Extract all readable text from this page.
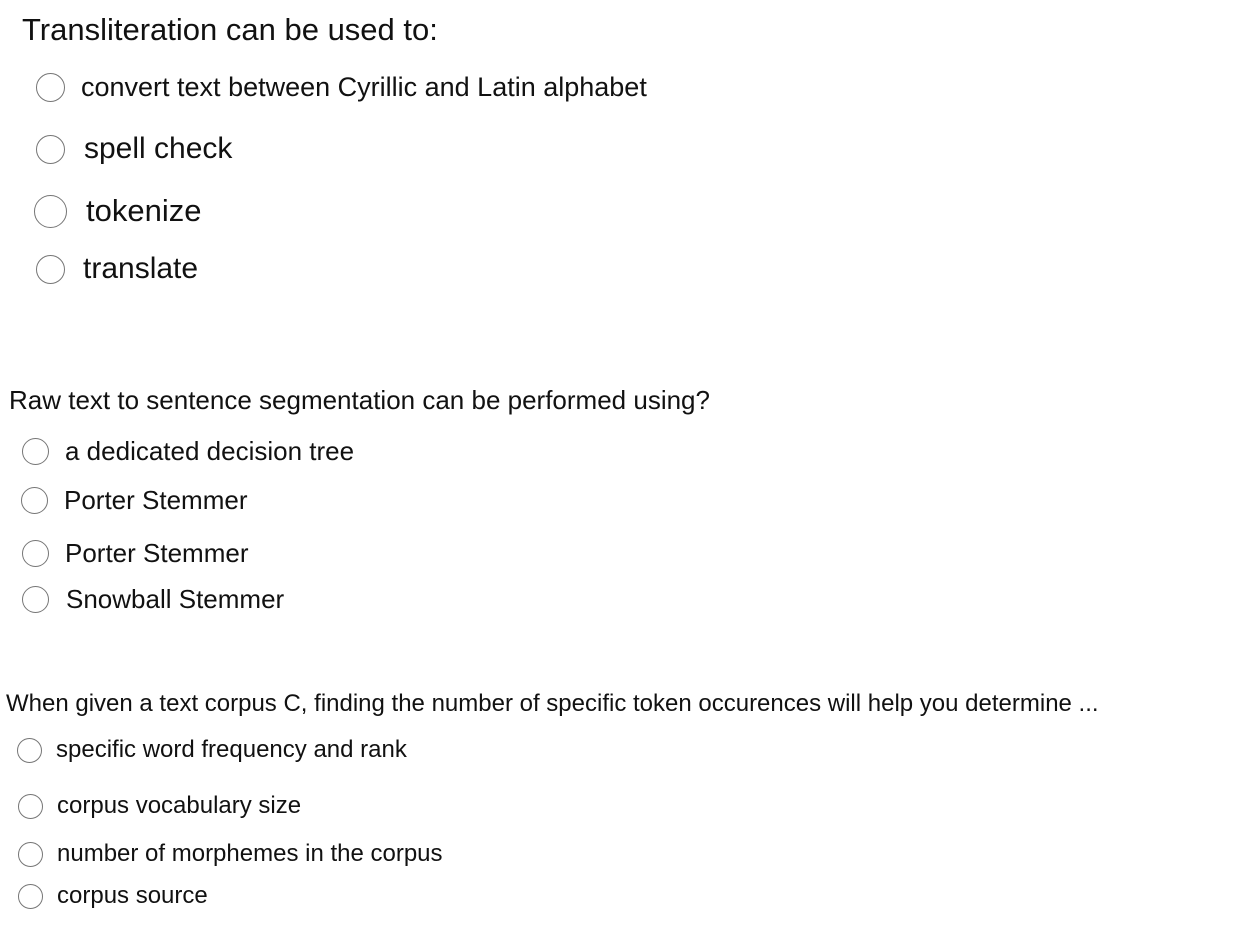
Transliteration can be used to:
convert text between Cyrillic and Latin alphabet
spell check
tokenize
translate
Raw text to sentence segmentation can be performed using?
a dedicated decision tree
Porter Stemmer
Porter Stemmer
Snowball Stemmer
When given a text corpus C, finding the number of specific token occurences will help you determine ...
specific word frequency and rank
corpus vocabulary size
number of morphemes in the corpus
corpus source
